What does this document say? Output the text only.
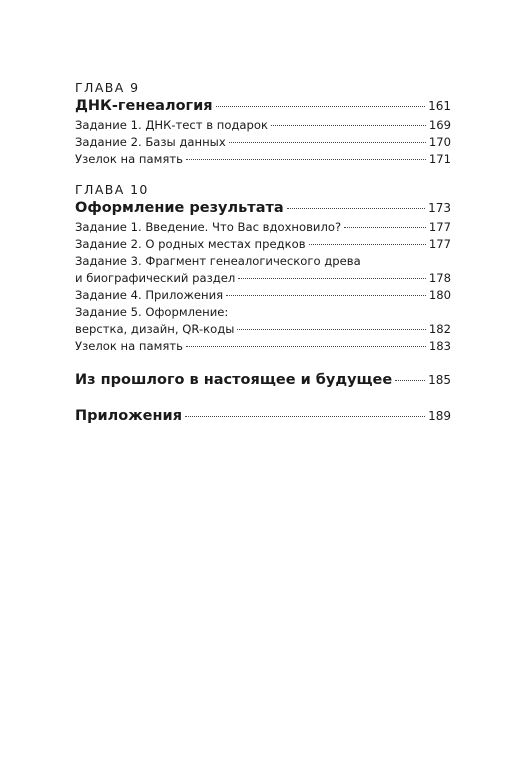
ГЛАВА 9
ДНК-генеалогия	161
Задание 1. ДНК-тест в подарок	169
Задание 2. Базы данных	170
Узелок на память	171
ГЛАВА 10
Оформление результата	173
Задание 1. Введение. Что Вас вдохновило?	177
Задание 2. О родных местах предков	177
Задание 3. Фрагмент генеалогического древа
и биографический раздел	178
Задание 4. Приложения	180
Задание 5. Оформление:
верстка, дизайн, QR-коды	182
Узелок на память	183
Из прошлого в настоящее и будущее	185
Приложения	189
